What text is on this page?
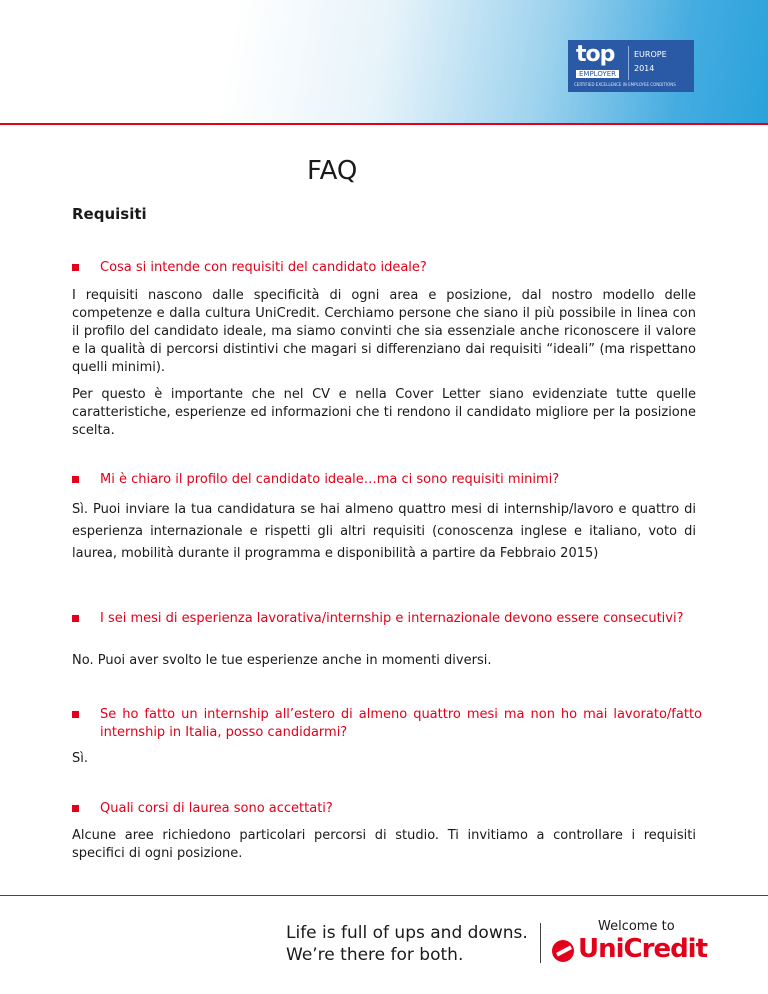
top
EMPLOYER
EUROPE
2014
CERTIFIED EXCELLENCE IN EMPLOYEE CONDITIONS
FAQ
Requisiti
Cosa si intende con requisiti del candidato ideale?
I requisiti nascono dalle specificità di ogni area e posizione, dal nostro modello delle competenze e dalla cultura UniCredit. Cerchiamo persone che siano il più possibile in linea con il profilo del candidato ideale, ma siamo convinti che sia essenziale anche riconoscere il valore e la qualità di percorsi distintivi che magari si differenziano dai requisiti “ideali” (ma rispettano quelli minimi).
Per questo è importante che nel CV e nella Cover Letter siano evidenziate tutte quelle caratteristiche, esperienze ed informazioni che ti rendono il candidato migliore per la posizione scelta.
Mi è chiaro il profilo del candidato ideale…ma ci sono requisiti minimi?
Sì. Puoi inviare la tua candidatura se hai almeno quattro mesi di internship/lavoro e quattro di esperienza internazionale e rispetti gli altri requisiti (conoscenza inglese e italiano, voto di laurea, mobilità durante il programma e disponibilità a partire da Febbraio 2015)
I sei mesi di esperienza lavorativa/internship e internazionale devono essere consecutivi?
No. Puoi aver svolto le tue esperienze anche in momenti diversi.
Se ho fatto un internship all’estero di almeno quattro mesi ma non ho mai lavorato/fatto internship in Italia, posso candidarmi?
Sì.
Quali corsi di laurea sono accettati?
Alcune aree richiedono particolari percorsi di studio. Ti invitiamo a controllare i requisiti specifici di ogni posizione.
Life is full of ups and downs.
We’re there for both.
Welcome to
UniCredit
